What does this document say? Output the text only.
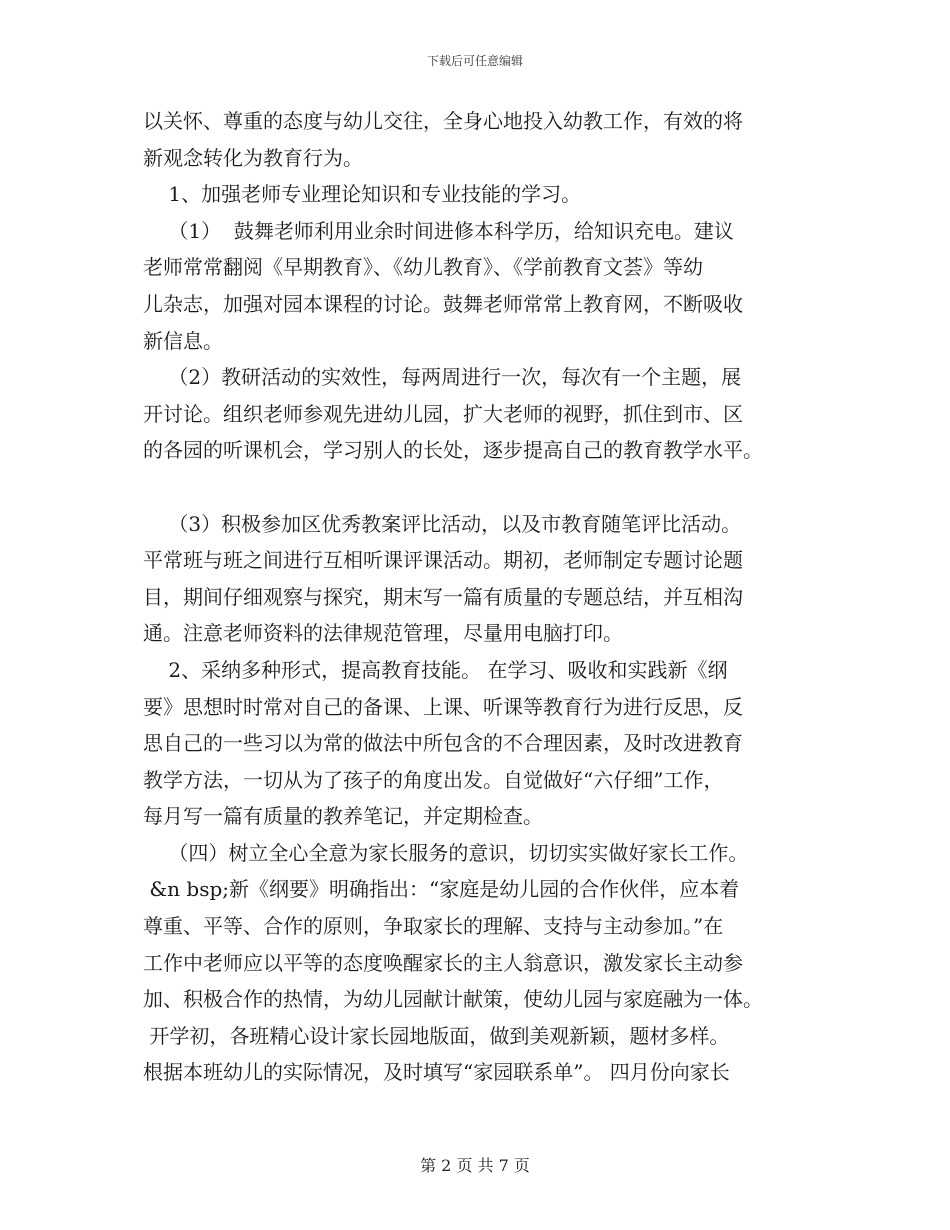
下载后可任意编辑
以关怀、尊重的态度与幼儿交往，全身心地投入幼教工作，有效的将
新观念转化为教育行为。
1、加强老师专业理论知识和专业技能的学习。
（1）  鼓舞老师利用业余时间进修本科学历，给知识充电。建议
老师常常翻阅《早期教育》、《幼儿教育》、《学前教育文荟》等幼
儿杂志，加强对园本课程的讨论。鼓舞老师常常上教育网，不断吸收
新信息。
（2）教研活动的实效性，每两周进行一次，每次有一个主题，展
开讨论。组织老师参观先进幼儿园，扩大老师的视野，抓住到市、区
的各园的听课机会，学习别人的长处，逐步提高自己的教育教学水平。
（3）积极参加区优秀教案评比活动，以及市教育随笔评比活动。
平常班与班之间进行互相听课评课活动。期初，老师制定专题讨论题
目，期间仔细观察与探究，期末写一篇有质量的专题总结，并互相沟
通。注意老师资料的法律规范管理，尽量用电脑打印。
2、采纳多种形式，提高教育技能。 在学习、吸收和实践新《纲
要》思想时时常对自己的备课、上课、听课等教育行为进行反思，反
思自己的一些习以为常的做法中所包含的不合理因素，及时改进教育
教学方法，一切从为了孩子的角度出发。自觉做好“六仔细”工作，
每月写一篇有质量的教养笔记，并定期检查。
（四）树立全心全意为家长服务的意识，切切实实做好家长工作。
&n bsp;新《纲要》明确指出：“家庭是幼儿园的合作伙伴，应本着
尊重、平等、合作的原则，争取家长的理解、支持与主动参加。”在
工作中老师应以平等的态度唤醒家长的主人翁意识，激发家长主动参
加、积极合作的热情，为幼儿园献计献策，使幼儿园与家庭融为一体。
开学初，各班精心设计家长园地版面，做到美观新颖，题材多样。
根据本班幼儿的实际情况，及时填写“家园联系单”。 四月份向家长
第 2 页 共 7 页
